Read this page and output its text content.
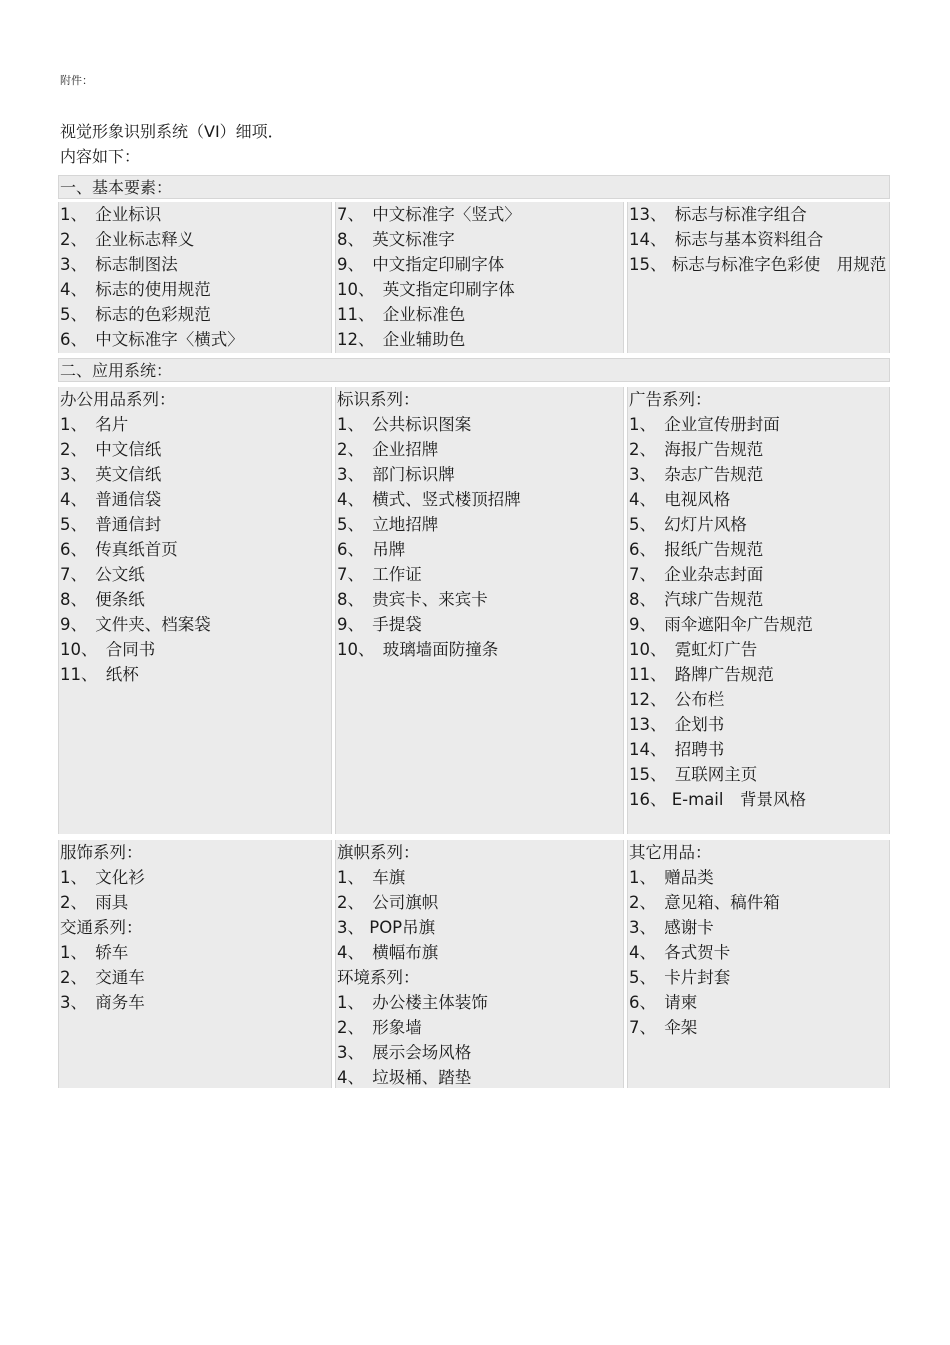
附件：
视觉形象识别系统（VI）细项．
内容如下：
一、基本要素：
1、　企业标识
2、　企业标志释义
3、　标志制图法
4、　标志的使用规范
5、　标志的色彩规范
6、　中文标准字〈横式〉
7、　中文标准字〈竖式〉
8、　英文标准字
9、　中文指定印刷字体
10、　英文指定印刷字体
11、　企业标准色
12、　企业辅助色
13、　标志与标准字组合
14、　标志与基本资料组合
15、 标志与标准字色彩使　用规范
二、应用系统：
办公用品系列：
1、　名片
2、　中文信纸
3、　英文信纸
4、　普通信袋
5、　普通信封
6、　传真纸首页
7、　公文纸
8、　便条纸
9、　文件夹、档案袋
10、　合同书
11、　纸杯
标识系列：
1、　公共标识图案
2、　企业招牌
3、　部门标识牌
4、　横式、竖式楼顶招牌
5、　立地招牌
6、　吊牌
7、　工作证
8、　贵宾卡、来宾卡
9、　手提袋
10、　玻璃墙面防撞条
广告系列：
1、　企业宣传册封面
2、　海报广告规范
3、　杂志广告规范
4、　电视风格
5、　幻灯片风格
6、　报纸广告规范
7、　企业杂志封面
8、　汽球广告规范
9、　雨伞遮阳伞广告规范
10、　霓虹灯广告
11、　路牌广告规范
12、　公布栏
13、　企划书
14、　招聘书
15、　互联网主页
16、 E-mail　背景风格
服饰系列：
1、　文化衫
2、　雨具
交通系列：
1、　轿车
2、　交通车
3、　商务车
旗帜系列：
1、　车旗
2、　公司旗帜
3、 POP吊旗
4、　横幅布旗
环境系列：
1、　办公楼主体装饰
2、　形象墙
3、　展示会场风格
4、　垃圾桶、踏垫
其它用品：
1、　赠品类
2、　意见箱、稿件箱
3、　感谢卡
4、　各式贺卡
5、　卡片封套
6、　请柬
7、　伞架
